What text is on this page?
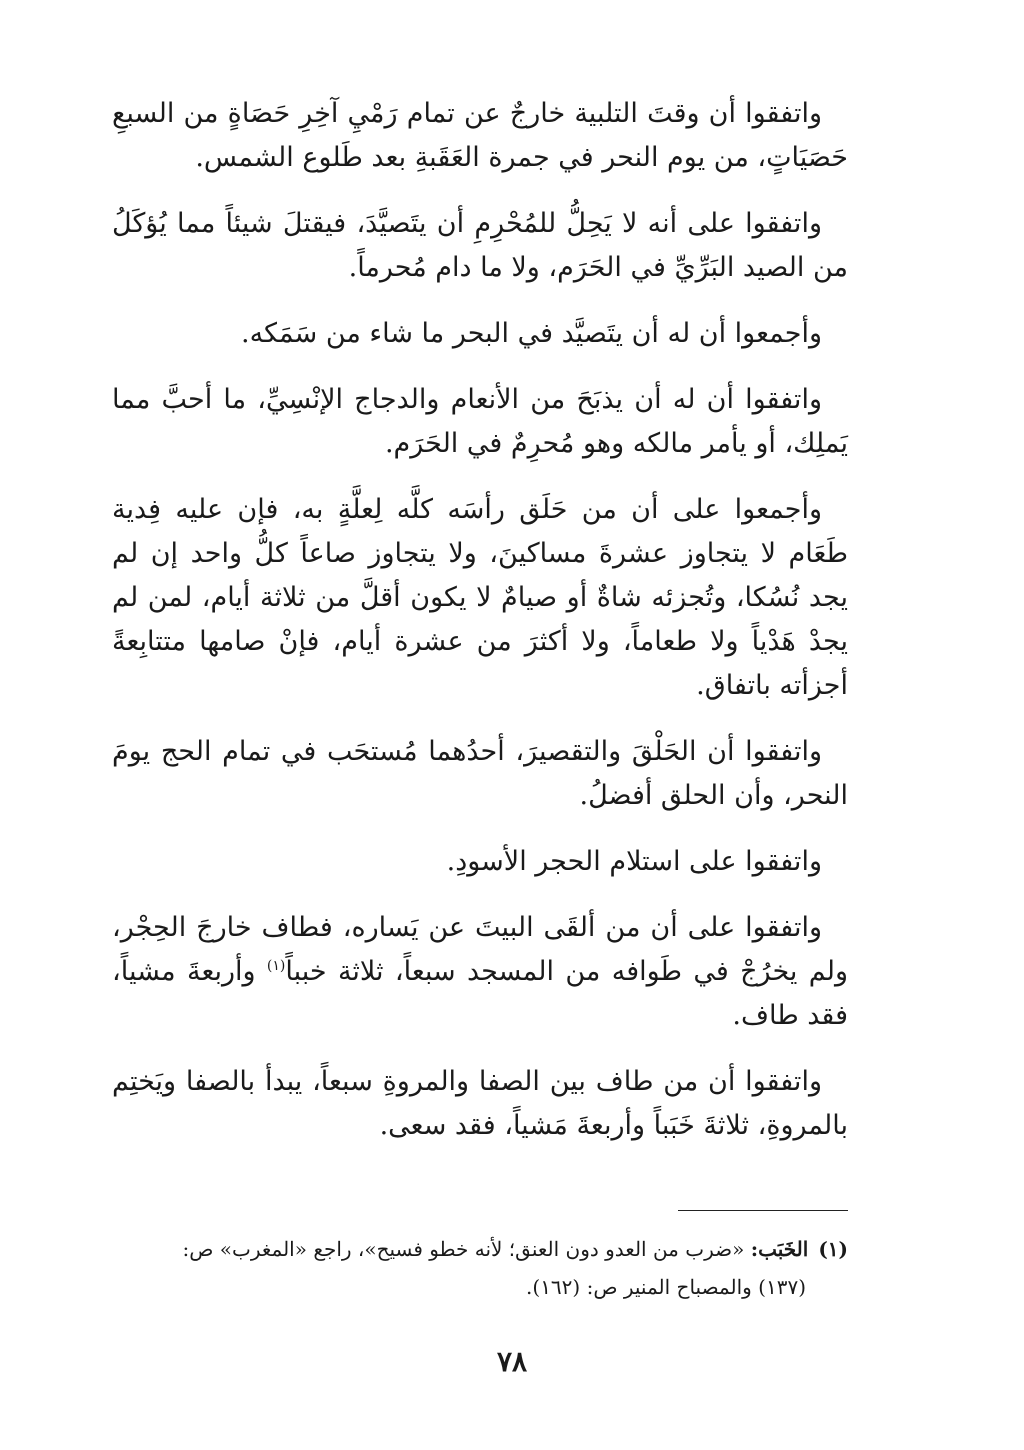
واتفقوا أن وقتَ التلبية خارجٌ عن تمام رَمْيِ آخِرِ حَصَاةٍ من السبعِ حَصَيَاتٍ، من يوم النحر في جمرة العَقَبةِ بعد طَلوع الشمس.

واتفقوا على أنه لا يَحِلُّ للمُحْرِمِ أن يتَصيَّدَ، فيقتلَ شيئاً مما يُؤكَلُ من الصيد البَرِّيِّ في الحَرَم، ولا ما دام مُحرماً.

وأجمعوا أن له أن يتَصيَّد في البحر ما شاء من سَمَكه.

واتفقوا أن له أن يذبَحَ من الأنعام والدجاج الإنْسِيِّ، ما أحبَّ مما يَملِك، أو يأمر مالكه وهو مُحرِمٌ في الحَرَم.

وأجمعوا على أن من حَلَق رأسَه كلَّه لِعلَّةٍ به، فإن عليه فِدية طَعَام لا يتجاوز عشرةَ مساكينَ، ولا يتجاوز صاعاً كلُّ واحد إن لم يجد نُسُكا، وتُجزئه شاةٌ أو صيامٌ لا يكون أقلَّ من ثلاثة أيام، لمن لم يجدْ هَدْياً ولا طعاماً، ولا أكثرَ من عشرة أيام، فإنْ صامها متتابِعةً أجزأته باتفاق.

واتفقوا أن الحَلْقَ والتقصيرَ، أحدُهما مُستحَب في تمام الحج يومَ النحر، وأن الحلق أفضلُ.

واتفقوا على استلام الحجر الأسودِ.

واتفقوا على أن من ألقَى البيتَ عن يَساره، فطاف خارجَ الحِجْر، ولم يخرُجْ في طَوافه من المسجد سبعاً، ثلاثة خبباً$^{(١)}$ وأربعةَ مشياً، فقد طاف.

واتفقوا أن من طاف بين الصفا والمروةِ سبعاً، يبدأ بالصفا ويَختِم بالمروةِ، ثلاثةَ خَبَباً وأربعةَ مَشياً، فقد سعى.

(١)الخَبَب: «ضرب من العدو دون العنق؛ لأنه خطو فسيح»، راجع «المغرب» ص:
(١٣٧) والمصباح المنير ص: (١٦٢).
٧٨
